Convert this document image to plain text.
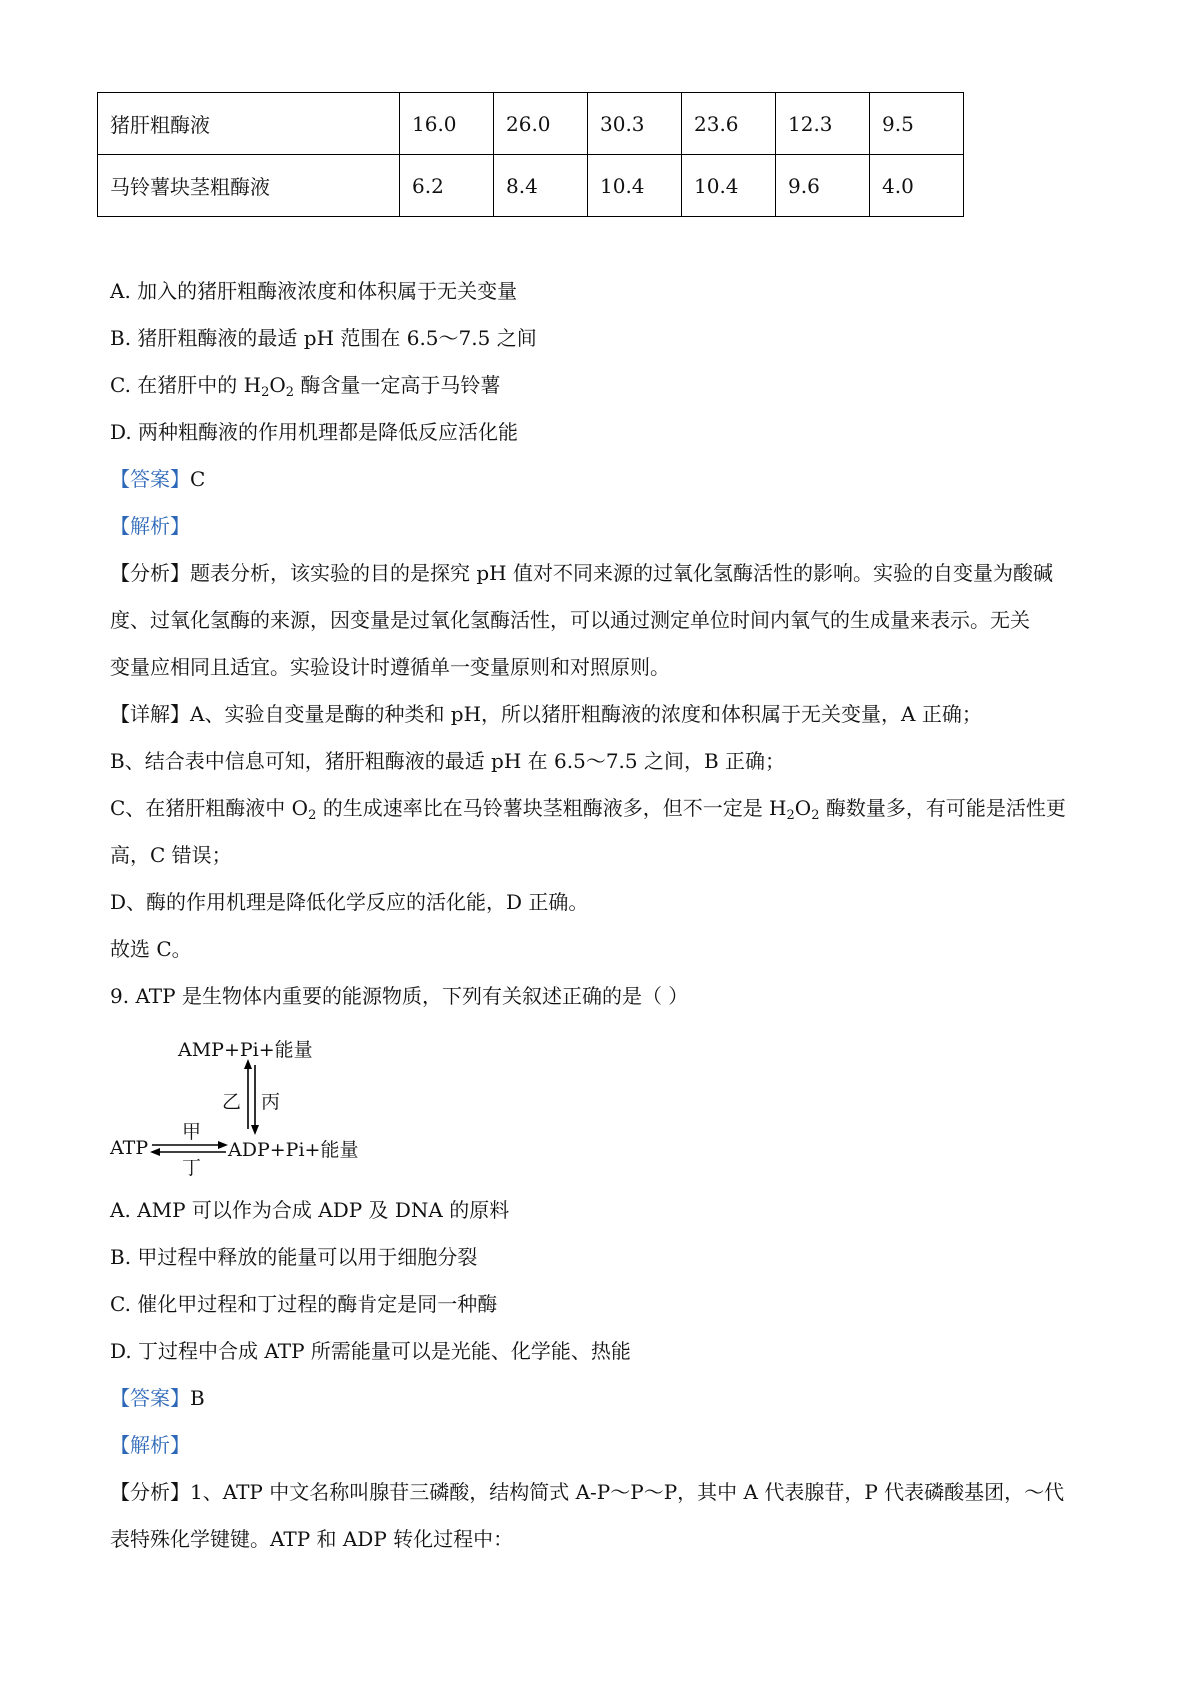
猪肝粗酶液	16.0	26.0	30.3	23.6	12.3	9.5
马铃薯块茎粗酶液	6.2	8.4	10.4	10.4	9.6	4.0
A. 加入的猪肝粗酶液浓度和体积属于无关变量
B. 猪肝粗酶液的最适 pH 范围在 6.5～7.5 之间
C. 在猪肝中的 $H_2O_2$ 酶含量一定高于马铃薯
D. 两种粗酶液的作用机理都是降低反应活化能
【答案】C
【解析】
【分析】题表分析，该实验的目的是探究 pH 值对不同来源的过氧化氢酶活性的影响。实验的自变量为酸碱
度、过氧化氢酶的来源，因变量是过氧化氢酶活性，可以通过测定单位时间内氧气的生成量来表示。无关
变量应相同且适宜。实验设计时遵循单一变量原则和对照原则。
【详解】A、实验自变量是酶的种类和 pH，所以猪肝粗酶液的浓度和体积属于无关变量，A 正确；
B、结合表中信息可知，猪肝粗酶液的最适 pH 在 6.5～7.5 之间，B 正确；
C、在猪肝粗酶液中 $O_2$ 的生成速率比在马铃薯块茎粗酶液多，但不一定是 $H_2O_2$ 酶数量多，有可能是活性更
高，C 错误；
D、酶的作用机理是降低化学反应的活化能，D 正确。
故选 C。
9. ATP 是生物体内重要的能源物质，下列有关叙述正确的是（ ）
AMP+Pi+能量
乙 丙
甲
ATP	ADP+Pi+能量
丁
A. AMP 可以作为合成 ADP 及 DNA 的原料
B. 甲过程中释放的能量可以用于细胞分裂
C. 催化甲过程和丁过程的酶肯定是同一种酶
D. 丁过程中合成 ATP 所需能量可以是光能、化学能、热能
【答案】B
【解析】
【分析】1、ATP 中文名称叫腺苷三磷酸，结构简式 A-P～P～P，其中 A 代表腺苷，P 代表磷酸基团，～代
表特殊化学键键。ATP 和 ADP 转化过程中：
